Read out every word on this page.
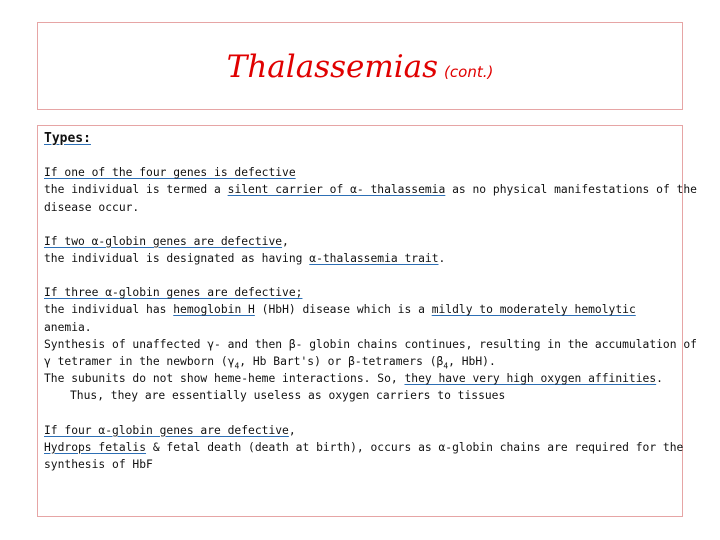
Thalassemias (cont.)
Types:
If one of the four genes is defective
the individual is termed a silent carrier of α- thalassemia as no physical manifestations of the
disease occur.
If two α-globin genes are defective,
the individual is designated as having α-thalassemia trait.
If three α-globin genes are defective;
the individual has hemoglobin H (HbH) disease which is a mildly to moderately hemolytic
anemia.
Synthesis of unaffected γ- and then β- globin chains continues, resulting in the accumulation of
γ tetramer in the newborn ($\gamma_4$, Hb Bart's) or β-tetramers ($\beta_4$, HbH).
The subunits do not show heme-heme interactions. So, they have very high oxygen affinities.
Thus, they are essentially useless as oxygen carriers to tissues
If four α-globin genes are defective,
Hydrops fetalis & fetal death (death at birth), occurs as α-globin chains are required for the
synthesis of HbF
